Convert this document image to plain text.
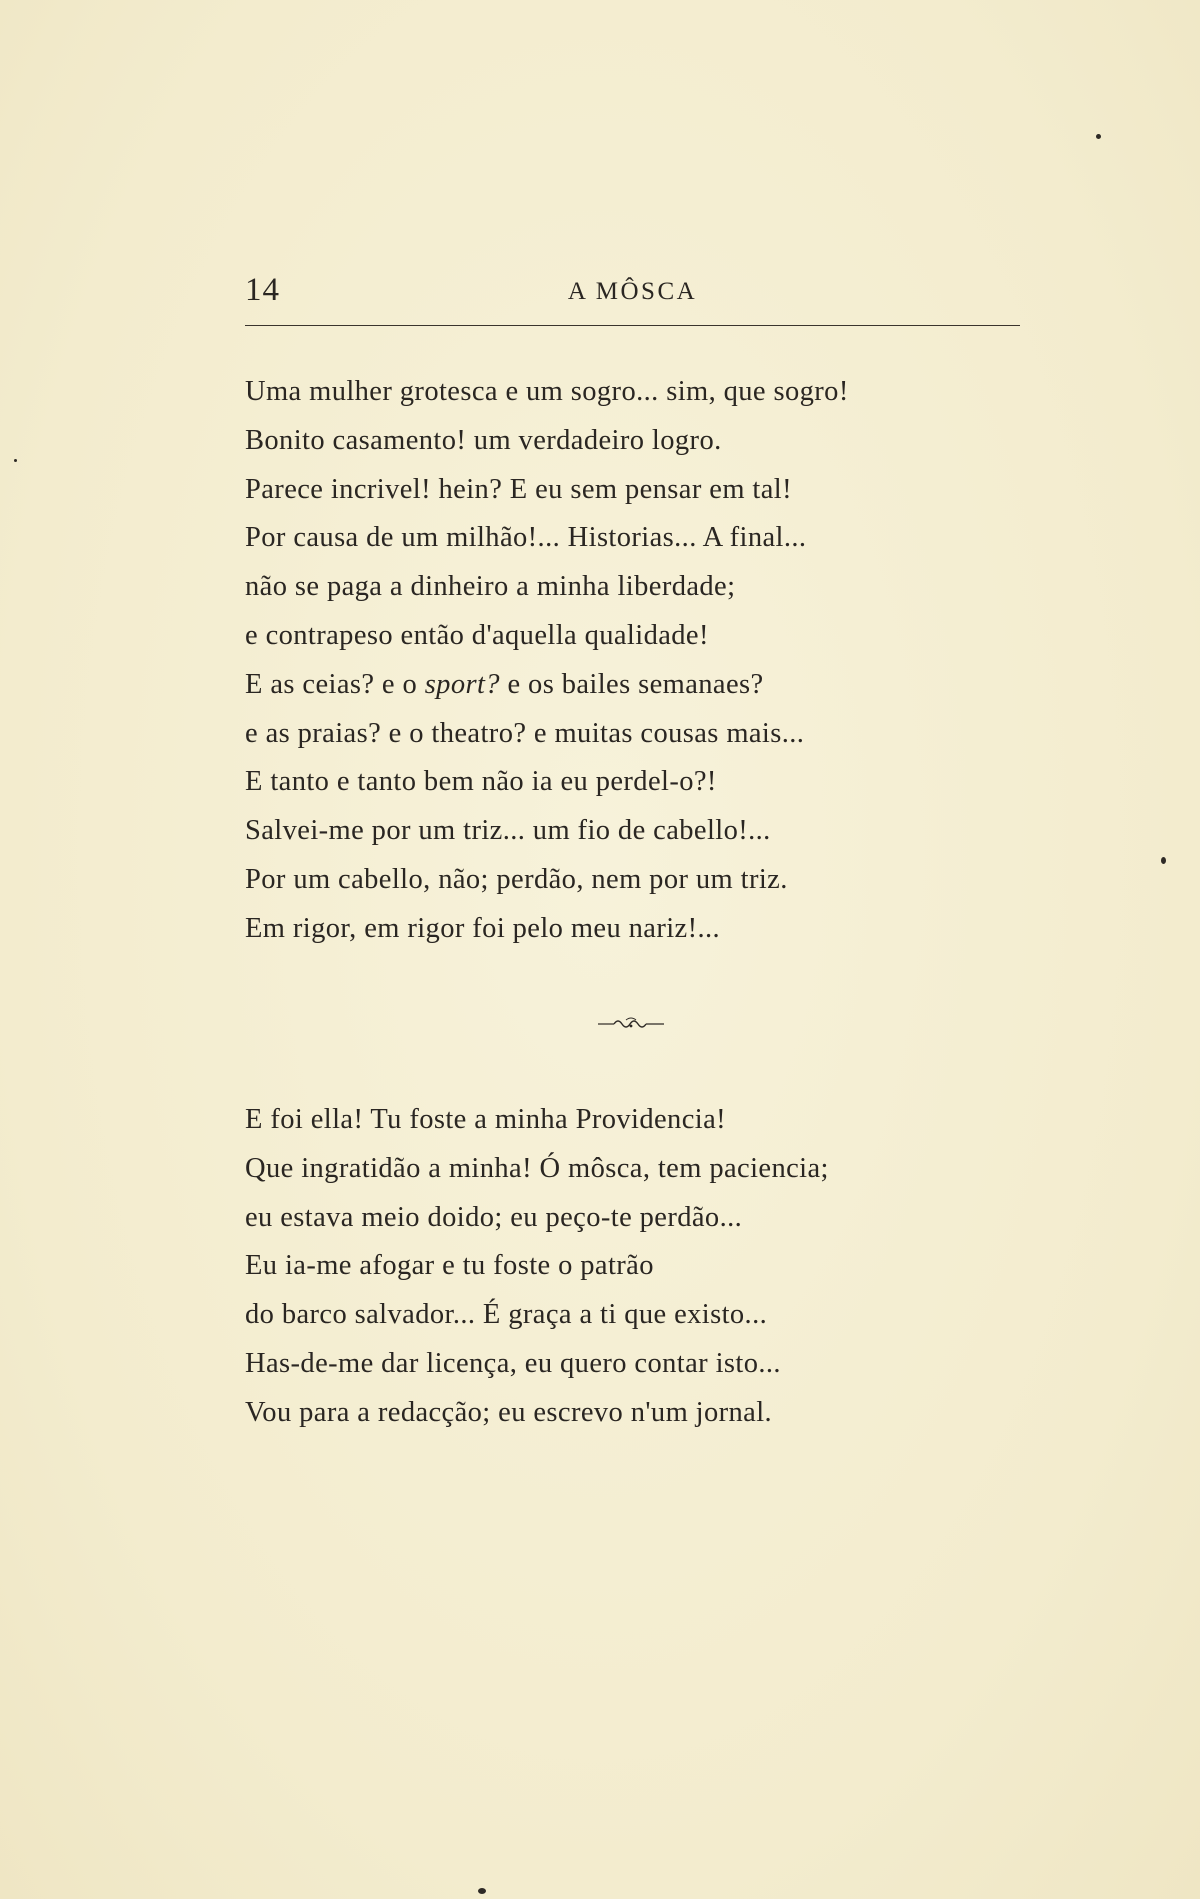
14	A MÔSCA
Uma mulher grotesca e um sogro... sim, que sogro!
Bonito casamento! um verdadeiro logro.
Parece incrivel! hein? E eu sem pensar em tal!
Por causa de um milhão!... Historias... A final...
não se paga a dinheiro a minha liberdade;
e contrapeso então d'aquella qualidade!
E as ceias? e o sport? e os bailes semanaes?
e as praias? e o theatro? e muitas cousas mais...
E tanto e tanto bem não ia eu perdel-o?!
Salvei-me por um triz... um fio de cabello!...
Por um cabello, não; perdão, nem por um triz.
Em rigor, em rigor foi pelo meu nariz!...
E foi ella! Tu foste a minha Providencia!
Que ingratidão a minha! Ó môsca, tem paciencia;
eu estava meio doido; eu peço-te perdão...
Eu ia-me afogar e tu foste o patrão
do barco salvador... É graça a ti que existo...
Has-de-me dar licença, eu quero contar isto...
Vou para a redacção; eu escrevo n'um jornal.
